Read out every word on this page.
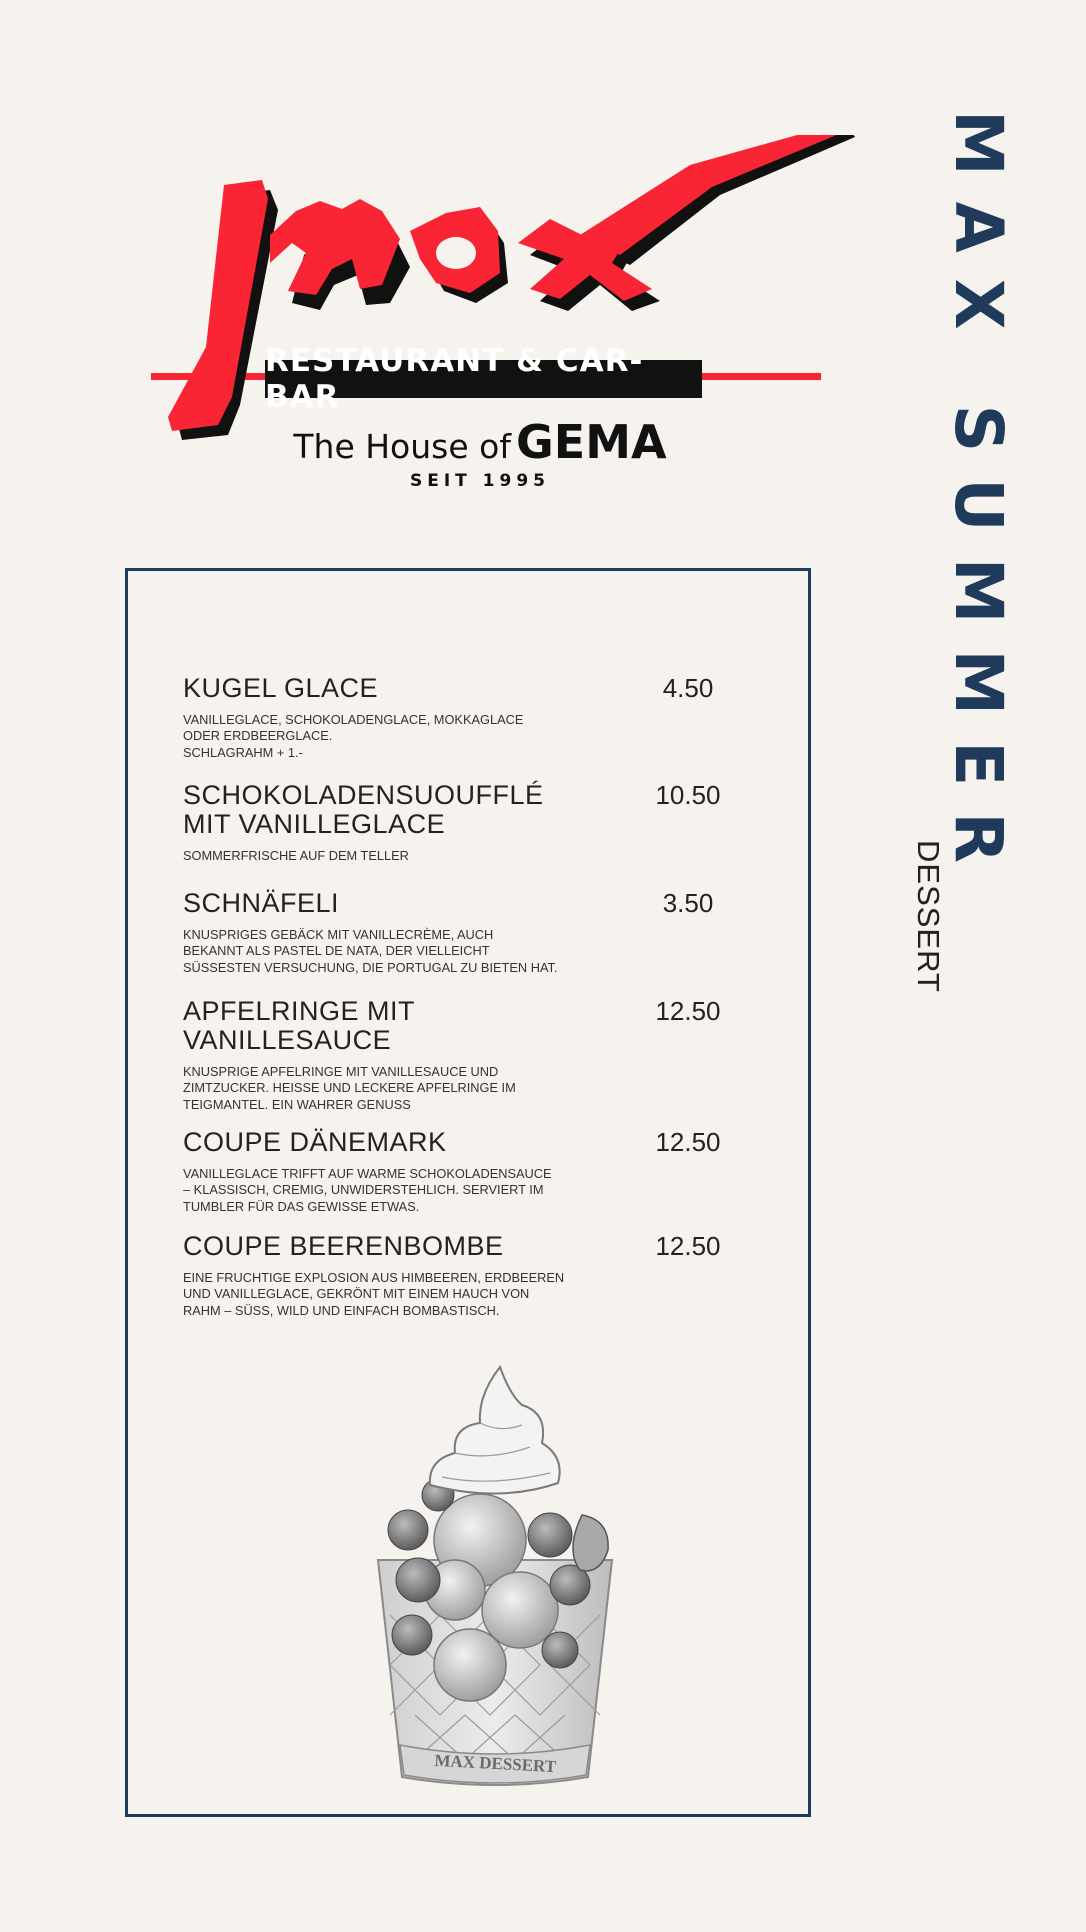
RESTAURANT & CAR-BAR
The House of GEMA
SEIT 1995	MAX SUMMER
DESSERT
KUGEL GLACE	4.50
VANILLEGLACE, SCHOKOLADENGLACE, MOKKAGLACE
ODER ERDBEERGLACE.
SCHLAGRAHM + 1.-
SCHOKOLADENSUOUFFLÉ
MIT VANILLEGLACE
10.50
SOMMERFRISCHE AUF DEM TELLER
SCHNÄFELI	3.50
KNUSPRIGES GEBÄCK MIT VANILLECRÈME, AUCH
BEKANNT ALS PASTEL DE NATA, DER VIELLEICHT
SÜSSESTEN VERSUCHUNG, DIE PORTUGAL ZU BIETEN HAT.
APFELRINGE MIT
VANILLESAUCE
12.50
KNUSPRIGE APFELRINGE MIT VANILLESAUCE UND
ZIMTZUCKER. HEISSE UND LECKERE APFELRINGE IM
TEIGMANTEL. EIN WAHRER GENUSS
COUPE DÄNEMARK	12.50
VANILLEGLACE TRIFFT AUF WARME SCHOKOLADENSAUCE
– KLASSISCH, CREMIG, UNWIDERSTEHLICH. SERVIERT IM
TUMBLER FÜR DAS GEWISSE ETWAS.
COUPE BEERENBOMBE	12.50
EINE FRUCHTIGE EXPLOSION AUS HIMBEEREN, ERDBEEREN
UND VANILLEGLACE, GEKRÖNT MIT EINEM HAUCH VON
RAHM – SÜSS, WILD UND EINFACH BOMBASTISCH.
MAX DESSERT
